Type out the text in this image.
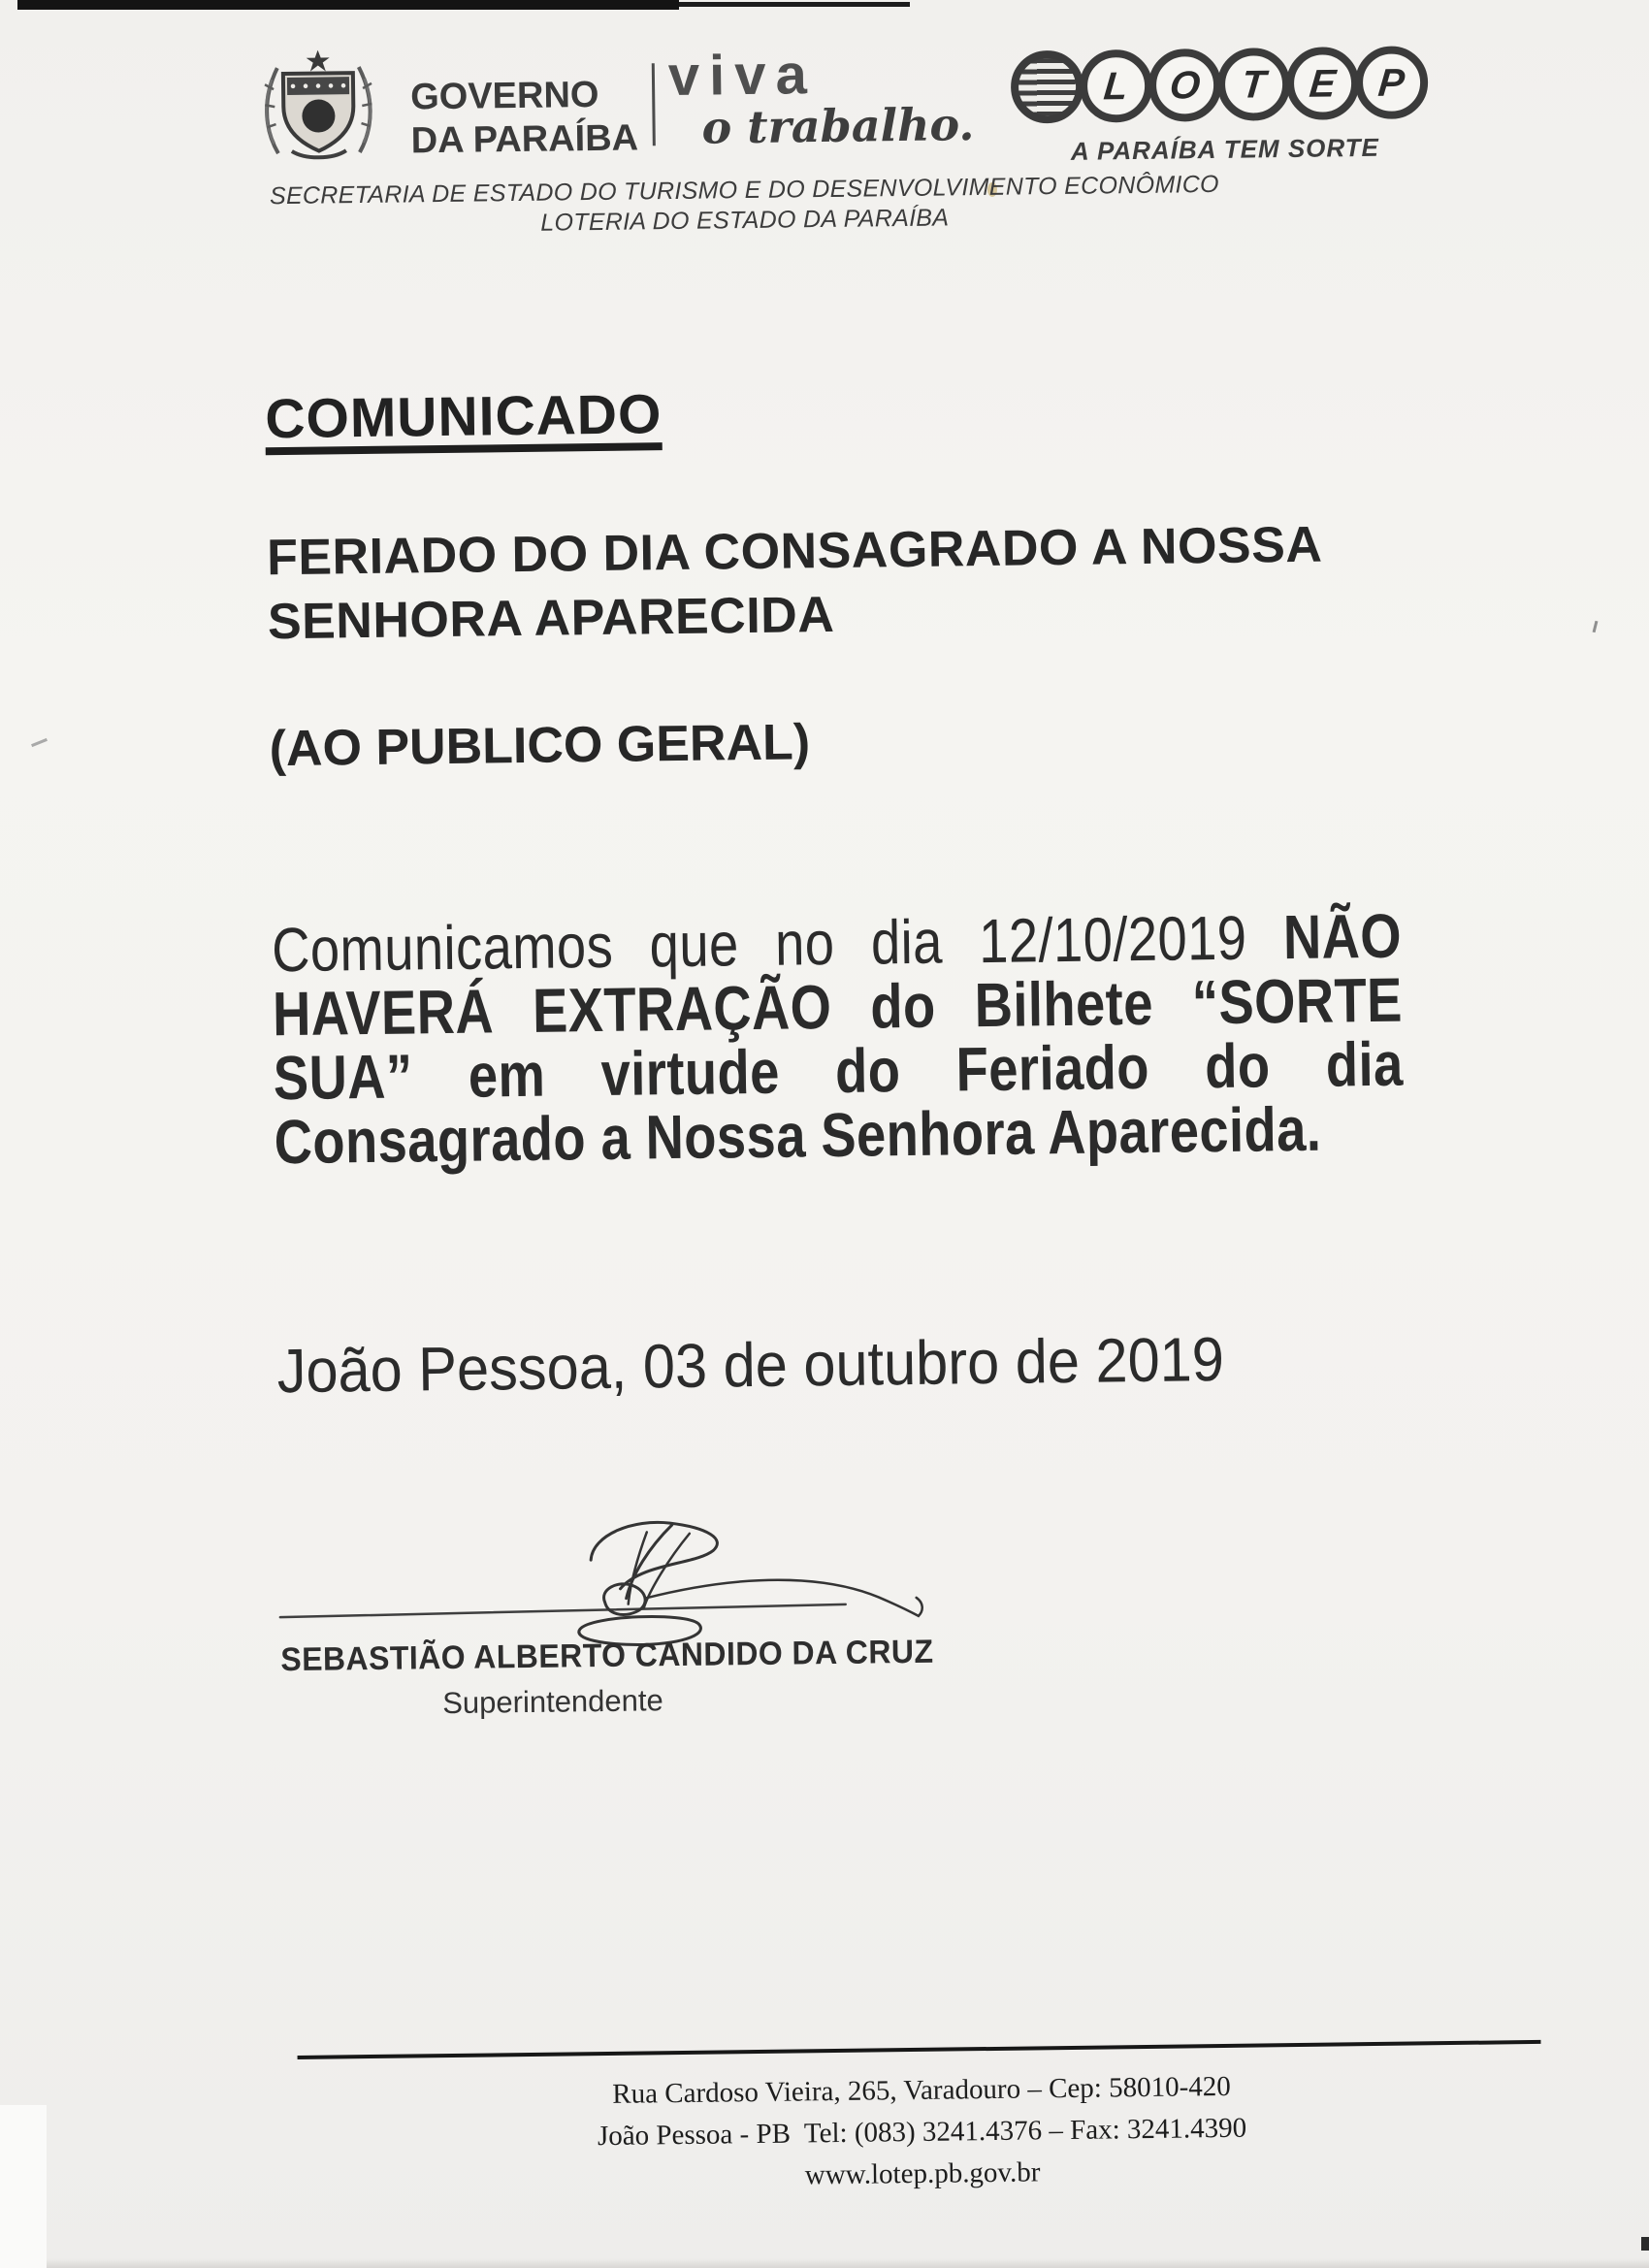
GOVERNO
DA PARAÍBA
viva
o trabalho.
L O T E P
A PARAÍBA TEM SORTE
SECRETARIA DE ESTADO DO TURISMO E DO DESENVOLVIMENTO ECONÔMICO
LOTERIA DO ESTADO DA PARAÍBA
COMUNICADO
FERIADO DO DIA CONSAGRADO A NOSSA
SENHORA APARECIDA
(AO PUBLICO GERAL)
Comunicamos que no dia 12/10/2019 NÃO
HAVERÁ EXTRAÇÃO do Bilhete “SORTE
SUA” em virtude do Feriado do dia
Consagrado a Nossa Senhora Aparecida.
João Pessoa, 03 de outubro de 2019
SEBASTIÃO ALBERTO CANDIDO DA CRUZ
Superintendente
Rua Cardoso Vieira, 265, Varadouro – Cep: 58010-420
João Pessoa - PB  Tel: (083) 3241.4376 – Fax: 3241.4390
www.lotep.pb.gov.br
